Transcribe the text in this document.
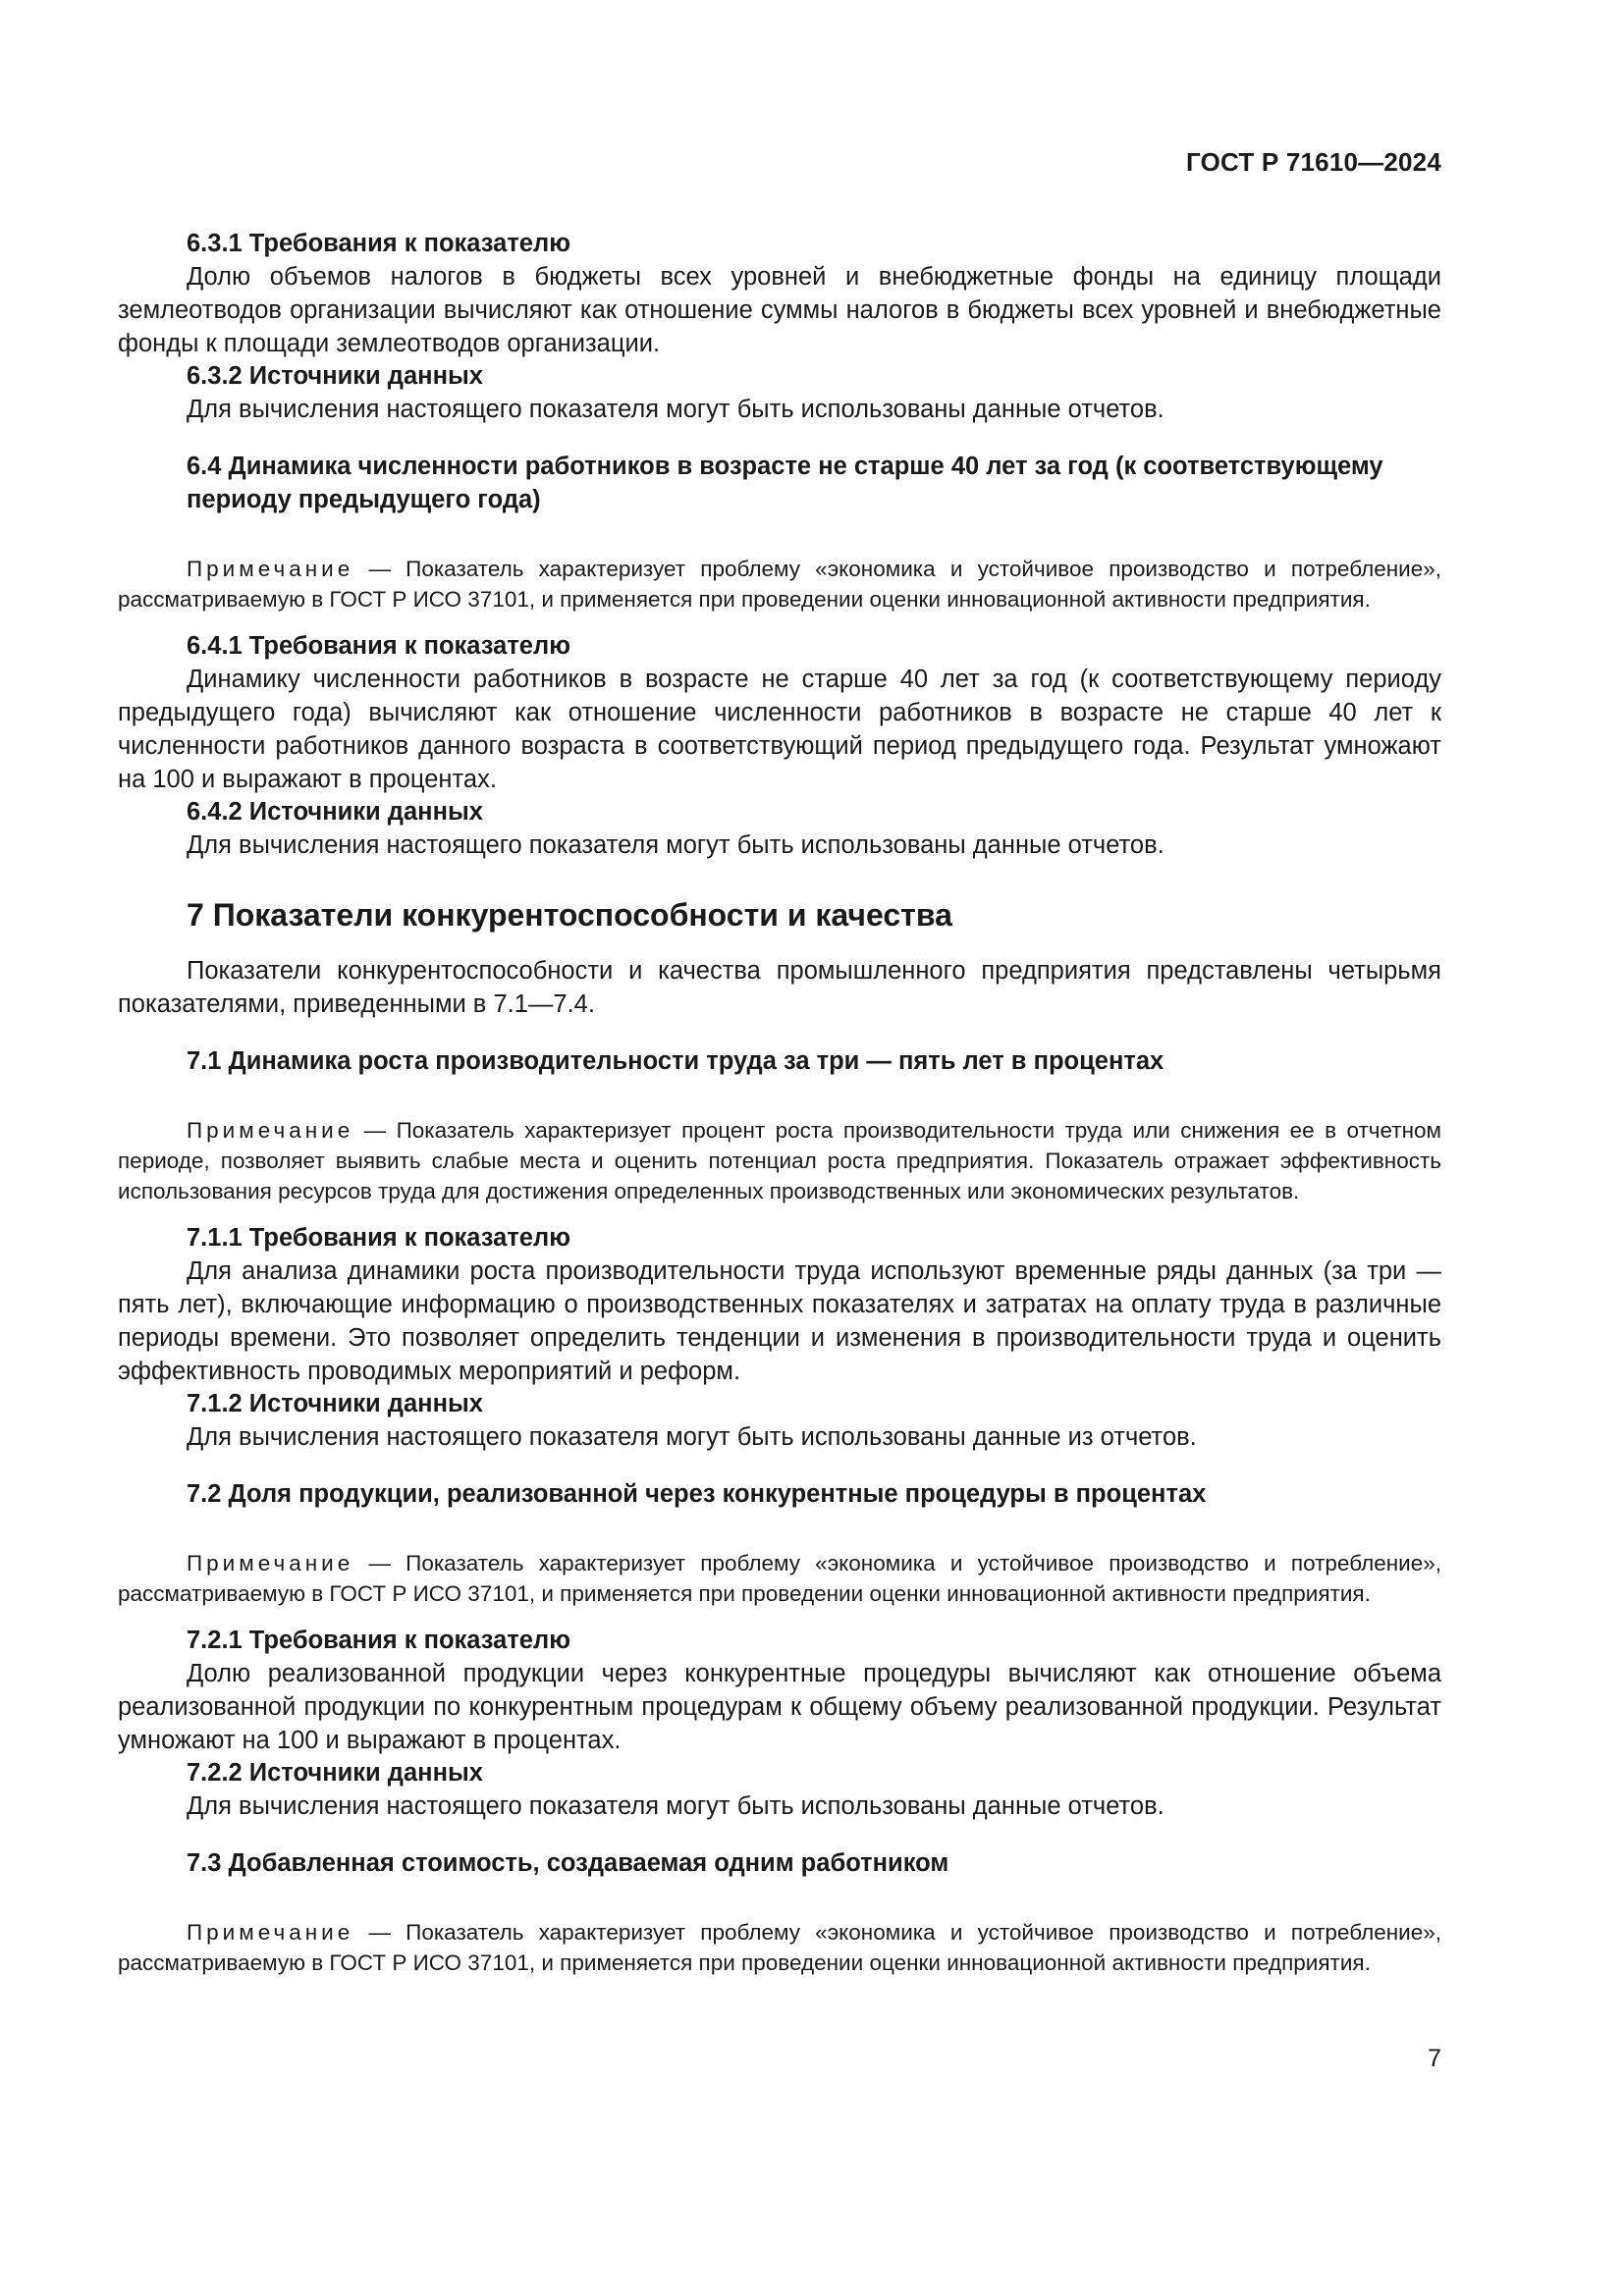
ГОСТ Р 71610—2024

6.3.1 Требования к показателю

Долю объемов налогов в бюджеты всех уровней и внебюджетные фонды на единицу площади землеотводов организации вычисляют как отношение суммы налогов в бюджеты всех уровней и внебюджетные фонды к площади землеотводов организации.

6.3.2 Источники данных

Для вычисления настоящего показателя могут быть использованы данные отчетов.

6.4 Динамика численности работников в возрасте не старше 40 лет за год (к соответствующему периоду предыдущего года)

Примечание — Показатель характеризует проблему «экономика и устойчивое производство и потребление», рассматриваемую в ГОСТ Р ИСО 37101, и применяется при проведении оценки инновационной активности предприятия.

6.4.1 Требования к показателю

Динамику численности работников в возрасте не старше 40 лет за год (к соответствующему периоду предыдущего года) вычисляют как отношение численности работников в возрасте не старше 40 лет к численности работников данного возраста в соответствующий период предыдущего года. Результат умножают на 100 и выражают в процентах.

6.4.2 Источники данных

Для вычисления настоящего показателя могут быть использованы данные отчетов.

7 Показатели конкурентоспособности и качества

Показатели конкурентоспособности и качества промышленного предприятия представлены четырьмя показателями, приведенными в 7.1—7.4.

7.1 Динамика роста производительности труда за три — пять лет в процентах

Примечание — Показатель характеризует процент роста производительности труда или снижения ее в отчетном периоде, позволяет выявить слабые места и оценить потенциал роста предприятия. Показатель отражает эффективность использования ресурсов труда для достижения определенных производственных или экономических результатов.

7.1.1 Требования к показателю

Для анализа динамики роста производительности труда используют временные ряды данных (за три — пять лет), включающие информацию о производственных показателях и затратах на оплату труда в различные периоды времени. Это позволяет определить тенденции и изменения в производительности труда и оценить эффективность проводимых мероприятий и реформ.

7.1.2 Источники данных

Для вычисления настоящего показателя могут быть использованы данные из отчетов.

7.2 Доля продукции, реализованной через конкурентные процедуры в процентах

Примечание — Показатель характеризует проблему «экономика и устойчивое производство и потребление», рассматриваемую в ГОСТ Р ИСО 37101, и применяется при проведении оценки инновационной активности предприятия.

7.2.1 Требования к показателю

Долю реализованной продукции через конкурентные процедуры вычисляют как отношение объема реализованной продукции по конкурентным процедурам к общему объему реализованной продукции. Результат умножают на 100 и выражают в процентах.

7.2.2 Источники данных

Для вычисления настоящего показателя могут быть использованы данные отчетов.

7.3 Добавленная стоимость, создаваемая одним работником

Примечание — Показатель характеризует проблему «экономика и устойчивое производство и потребление», рассматриваемую в ГОСТ Р ИСО 37101, и применяется при проведении оценки инновационной активности предприятия.

7
